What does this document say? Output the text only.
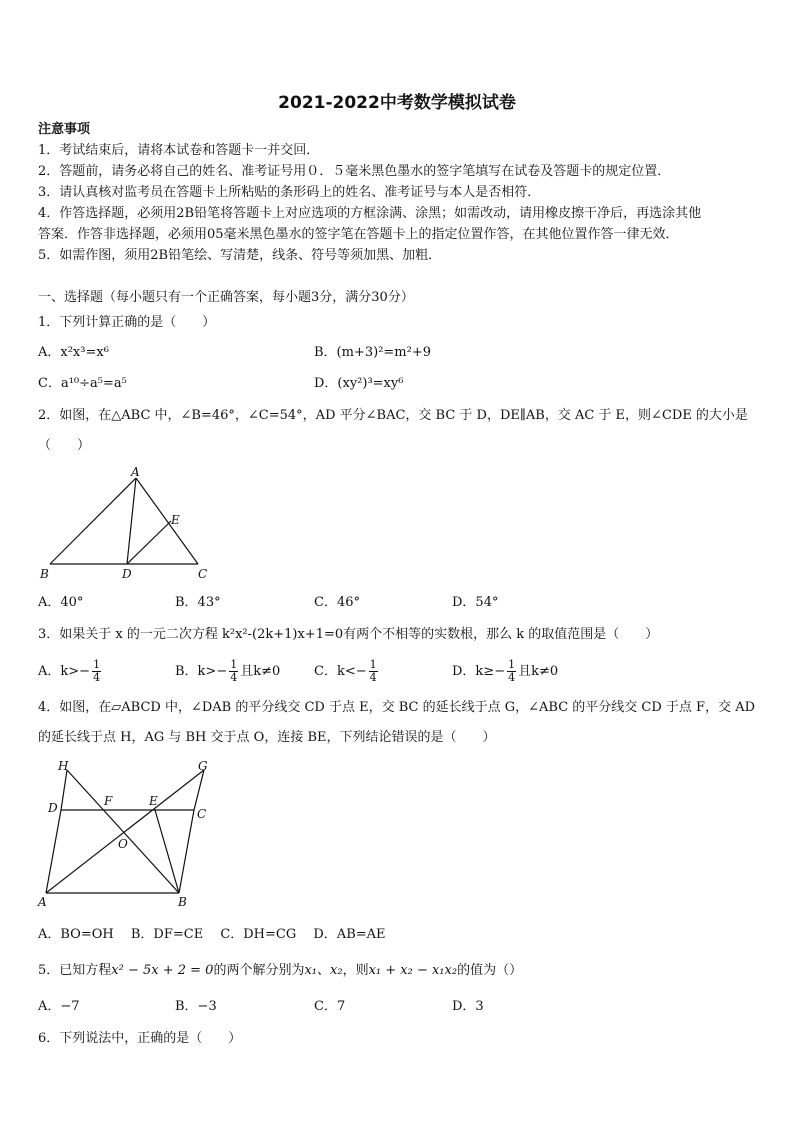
2021-2022中考数学模拟试卷
注意事项
1．考试结束后，请将本试卷和答题卡一并交回．
2．答题前，请务必将自己的姓名、准考证号用０．５毫米黑色墨水的签字笔填写在试卷及答题卡的规定位置．
3．请认真核对监考员在答题卡上所粘贴的条形码上的姓名、准考证号与本人是否相符．
4．作答选择题，必须用2B铅笔将答题卡上对应选项的方框涂满、涂黑；如需改动，请用橡皮擦干净后，再选涂其他
答案．作答非选择题，必须用05毫米黑色墨水的签字笔在答题卡上的指定位置作答，在其他位置作答一律无效．
5．如需作图，须用2B铅笔绘、写清楚，线条、符号等须加黑、加粗．
一、选择题（每小题只有一个正确答案，每小题3分，满分30分）
1．下列计算正确的是（　　）
A．x²x³=x⁶	B．(m+3)²=m²+9
C．a¹⁰÷a⁵=a⁵	D．(xy²)³=xy⁶
2．如图，在△ABC 中，∠B=46°，∠C=54°，AD 平分∠BAC，交 BC 于 D，DE∥AB，交 AC 于 E，则∠CDE 的大小是
（　　）
A
E
B	D	C
A．40°	B．43°	C．46°	D．54°
3．如果关于 x 的一元二次方程 k²x²-(2k+1)x+1=0有两个不相等的实数根，那么 k 的取值范围是（　　）
A．$k>- \frac{1}{4}$	B．$k>- \frac{1}{4}$ 且k≠0	C．$k<- \frac{1}{4}$	D．$k\ge- \frac{1}{4}$ 且k≠0
4．如图，在▱ABCD 中，∠DAB 的平分线交 CD 于点 E，交 BC 的延长线于点 G，∠ABC 的平分线交 CD 于点 F，交 AD
的延长线于点 H，AG 与 BH 交于点 O，连接 BE，下列结论错误的是（　　）
H	G
D	F	E
C
O
A	B
A．BO=OH　 B．DF=CE　 C．DH=CG　 D．AB=AE
5．已知方程x² − 5x + 2 = 0的两个解分别为x₁、x₂，则x₁ + x₂ − x₁x₂的值为（）
A．−7	B．−3	C．7	D．3
6．下列说法中，正确的是（　　）
